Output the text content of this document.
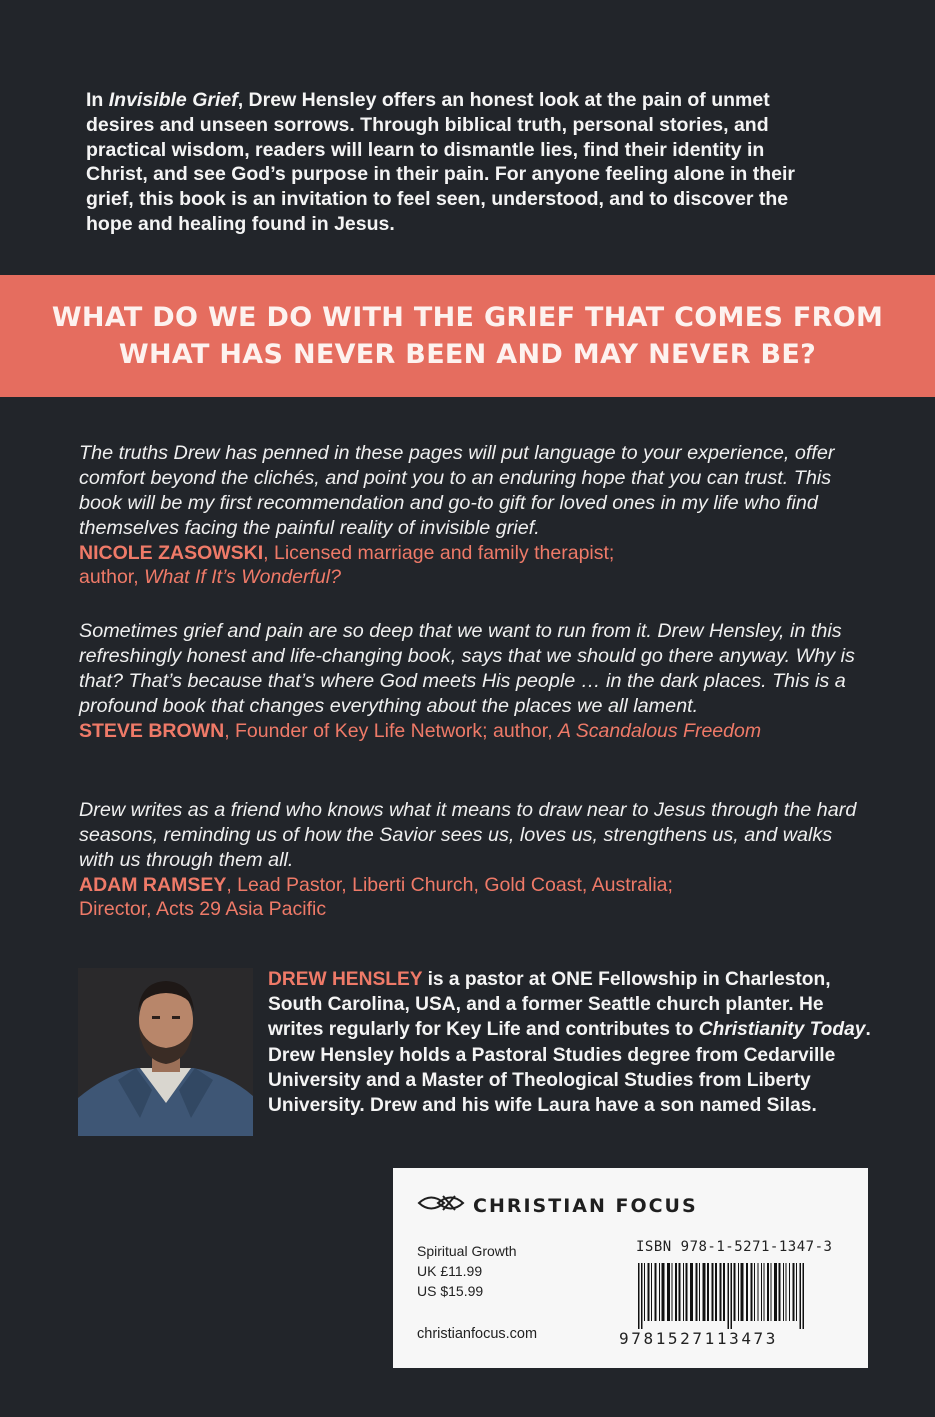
In Invisible Grief, Drew Hensley offers an honest look at the pain of unmet desires and unseen sorrows. Through biblical truth, personal stories, and practical wisdom, readers will learn to dismantle lies, find their identity in Christ, and see God’s purpose in their pain. For anyone feeling alone in their grief, this book is an invitation to feel seen, understood, and to discover the hope and healing found in Jesus.
WHAT DO WE DO WITH THE GRIEF THAT COMES FROM
WHAT HAS NEVER BEEN AND MAY NEVER BE?
The truths Drew has penned in these pages will put language to your experience, offer comfort beyond the clichés, and point you to an enduring hope that you can trust. This book will be my first recommendation and go-to gift for loved ones in my life who find themselves facing the painful reality of invisible grief.
NICOLE ZASOWSKI, Licensed marriage and family therapist;
author, What If It’s Wonderful?
Sometimes grief and pain are so deep that we want to run from it. Drew Hensley, in this refreshingly honest and life-changing book, says that we should go there anyway. Why is that? That’s because that’s where God meets His people … in the dark places. This is a profound book that changes everything about the places we all lament.
STEVE BROWN, Founder of Key Life Network; author, A Scandalous Freedom
Drew writes as a friend who knows what it means to draw near to Jesus through the hard seasons, reminding us of how the Savior sees us, loves us, strengthens us, and walks with us through them all.
ADAM RAMSEY, Lead Pastor, Liberti Church, Gold Coast, Australia;
Director, Acts 29 Asia Pacific
DREW HENSLEY is a pastor at ONE Fellowship in Charleston, South Carolina, USA, and a former Seattle church planter. He writes regularly for Key Life and contributes to Christianity Today. Drew Hensley holds a Pastoral Studies degree from Cedarville University and a Master of Theological Studies from Liberty University. Drew and his wife Laura have a son named Silas.
CHRISTIAN FOCUS
Spiritual Growth
UK £11.99
US $15.99
christianfocus.com
ISBN 978-1-5271-1347-3
9781527113473
